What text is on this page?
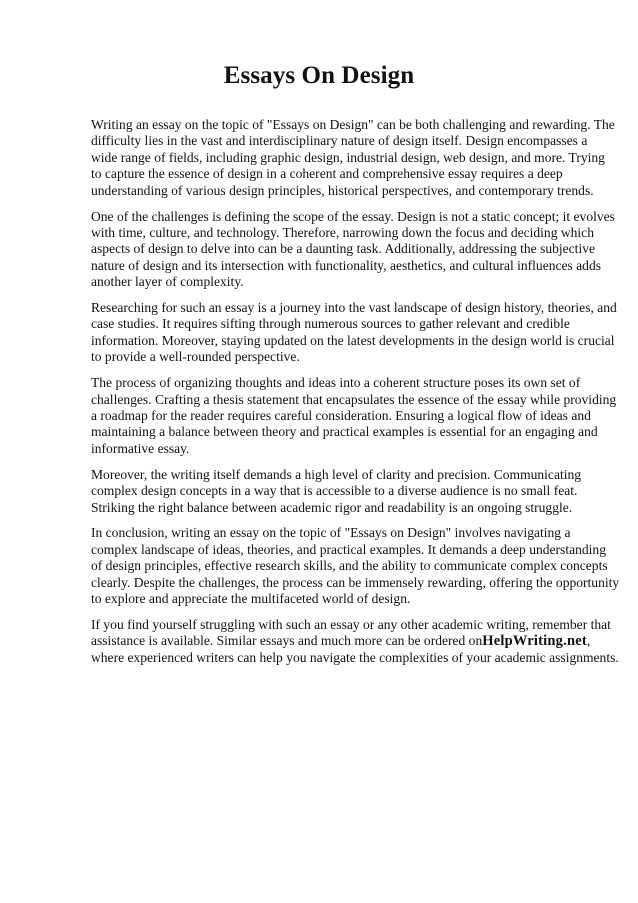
Essays On Design

Writing an essay on the topic of "Essays on Design" can be both challenging and rewarding. The
difficulty lies in the vast and interdisciplinary nature of design itself. Design encompasses a
wide range of fields, including graphic design, industrial design, web design, and more. Trying
to capture the essence of design in a coherent and comprehensive essay requires a deep
understanding of various design principles, historical perspectives, and contemporary trends.

One of the challenges is defining the scope of the essay. Design is not a static concept; it evolves
with time, culture, and technology. Therefore, narrowing down the focus and deciding which
aspects of design to delve into can be a daunting task. Additionally, addressing the subjective
nature of design and its intersection with functionality, aesthetics, and cultural influences adds
another layer of complexity.

Researching for such an essay is a journey into the vast landscape of design history, theories, and
case studies. It requires sifting through numerous sources to gather relevant and credible
information. Moreover, staying updated on the latest developments in the design world is crucial
to provide a well-rounded perspective.

The process of organizing thoughts and ideas into a coherent structure poses its own set of
challenges. Crafting a thesis statement that encapsulates the essence of the essay while providing
a roadmap for the reader requires careful consideration. Ensuring a logical flow of ideas and
maintaining a balance between theory and practical examples is essential for an engaging and
informative essay.

Moreover, the writing itself demands a high level of clarity and precision. Communicating
complex design concepts in a way that is accessible to a diverse audience is no small feat.
Striking the right balance between academic rigor and readability is an ongoing struggle.

In conclusion, writing an essay on the topic of "Essays on Design" involves navigating a
complex landscape of ideas, theories, and practical examples. It demands a deep understanding
of design principles, effective research skills, and the ability to communicate complex concepts
clearly. Despite the challenges, the process can be immensely rewarding, offering the opportunity
to explore and appreciate the multifaceted world of design.

If you find yourself struggling with such an essay or any other academic writing, remember that
assistance is available. Similar essays and much more can be ordered onHelpWriting.net,
where experienced writers can help you navigate the complexities of your academic assignments.
